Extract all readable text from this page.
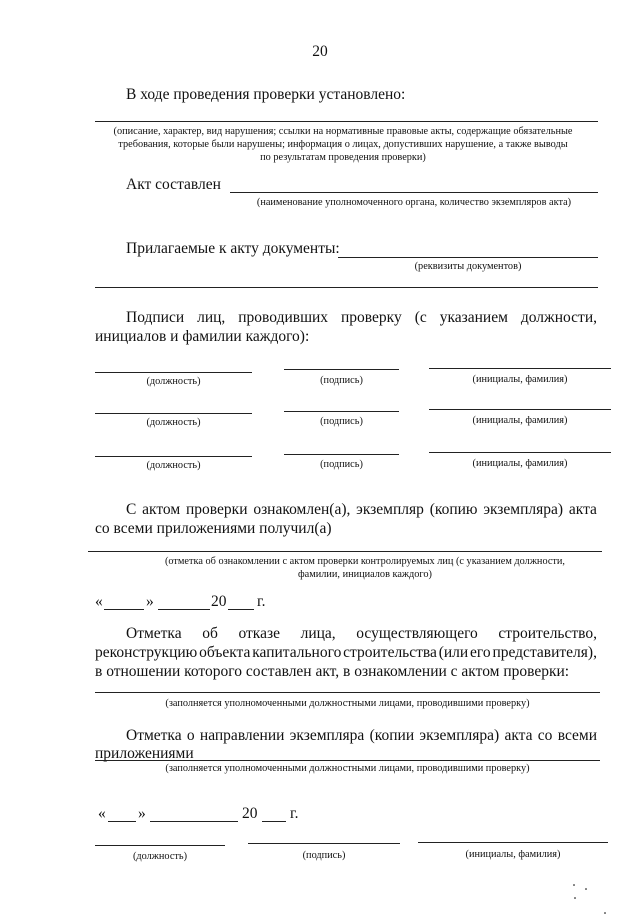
20
В ходе проведения проверки установлено:
(описание, характер, вид нарушения; ссылки на нормативные правовые акты, содержащие обязательные
требования, которые были нарушены; информация о лицах, допустивших нарушение, а также выводы
по результатам проведения проверки)
Акт составлен
(наименование уполномоченного органа, количество экземпляров акта)
Прилагаемые к акту документы:
(реквизиты документов)
Подписи лиц, проводивших проверку (с указанием должности,
инициалов и фамилии каждого):
(должность)	(подпись)	(инициалы, фамилия)
(должность)	(подпись)	(инициалы, фамилия)
(должность)	(подпись)	(инициалы, фамилия)
С актом проверки ознакомлен(а), экземпляр (копию экземпляра) акта
со всеми приложениями получил(а)
(отметка об ознакомлении с актом проверки контролируемых лиц (с указанием должности,
фамилии, инициалов каждого)
«	»	20 г.
Отметка об отказе лица, осуществляющего строительство,
реконструкцию объекта капитального строительства (или его представителя),
в отношении которого составлен акт, в ознакомлении с актом проверки:
(заполняется уполномоченными должностными лицами, проводившими проверку)
Отметка о направлении экземпляра (копии экземпляра) акта со всеми
приложениями
(заполняется уполномоченными должностными лицами, проводившими проверку)
« »	20 г.
(должность)	(подпись)	(инициалы, фамилия)
